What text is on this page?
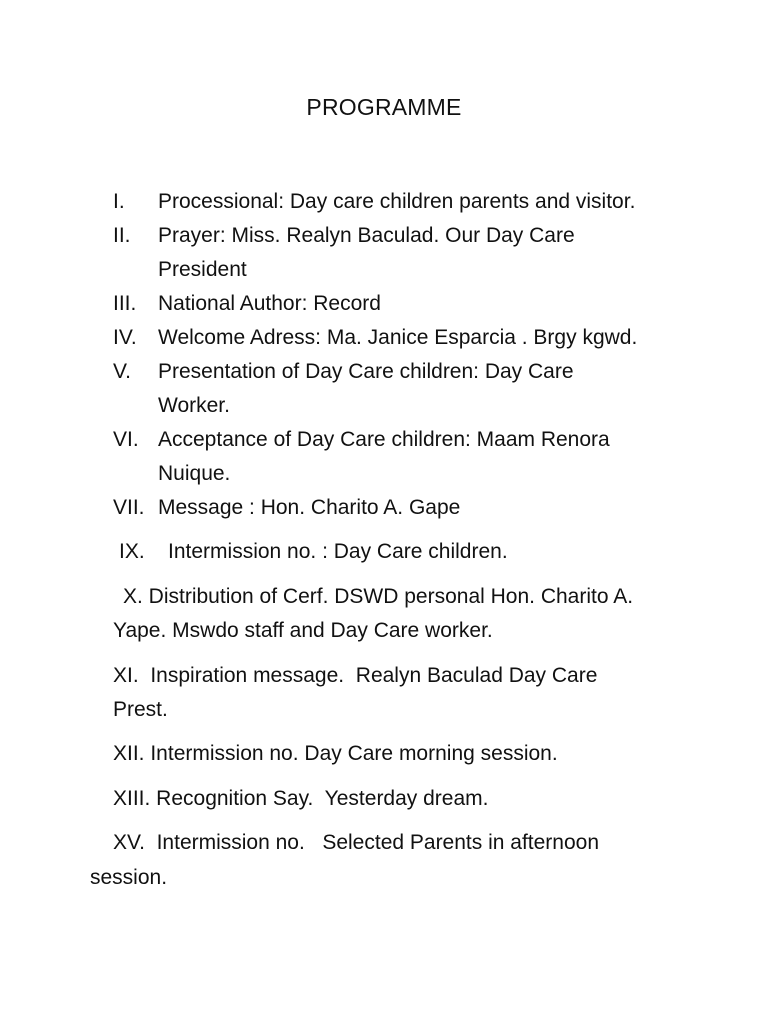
PROGRAMME
I. Processional: Day care children parents and visitor.
II. Prayer: Miss. Realyn Baculad. Our Day Care
President
III. National Author: Record
IV. Welcome Adress: Ma. Janice Esparcia . Brgy kgwd.
V. Presentation of Day Care children: Day Care
Worker.
VI. Acceptance of Day Care children: Maam Renora
Nuique.
VII. Message : Hon. Charito A. Gape
IX.    Intermission no. : Day Care children.
X. Distribution of Cerf. DSWD personal Hon. Charito A.
Yape. Mswdo staff and Day Care worker.
XI.  Inspiration message.  Realyn Baculad Day Care
Prest.
XII. Intermission no. Day Care morning session.
XIII. Recognition Say.  Yesterday dream.
XV.  Intermission no.   Selected Parents in afternoon
session.
